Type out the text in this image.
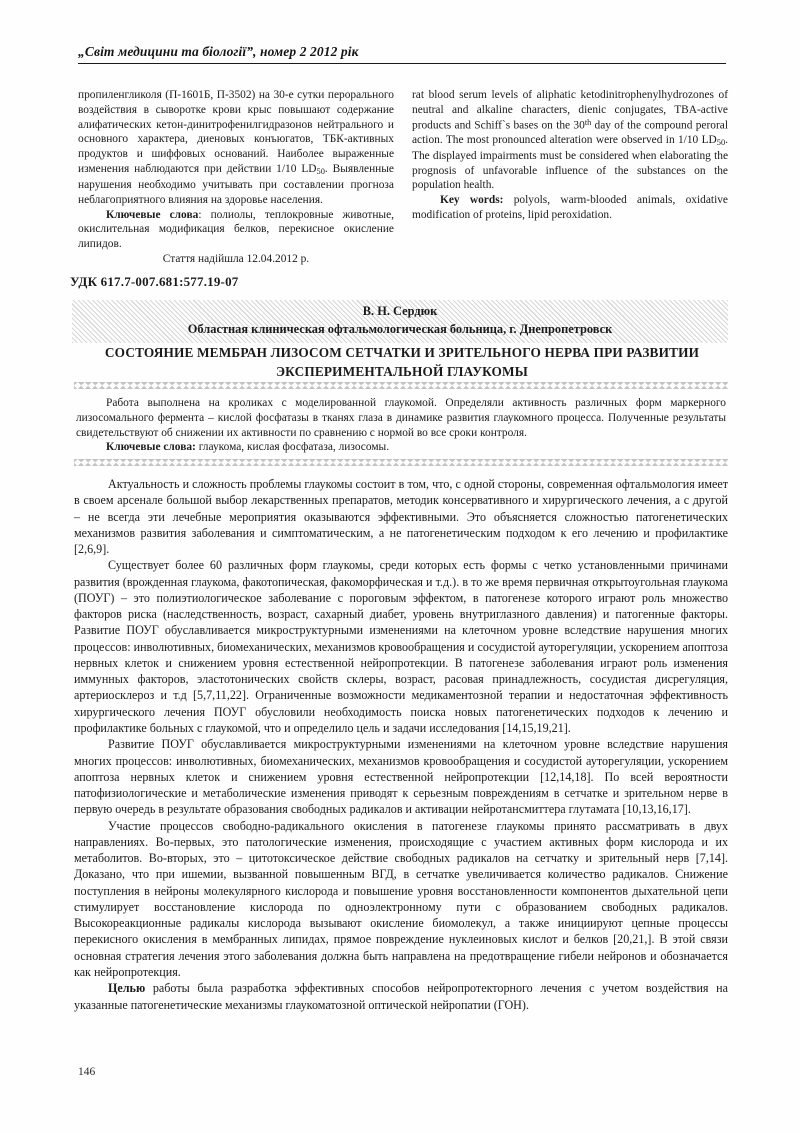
„Світ медицини та біології”, номер 2 2012 рік

пропиленгликоля (П-1601Б, П-3502) на 30-е сутки перорального воздействия в сыворотке крови крыс повышают содержание алифатических кетон-динитрофенилгидразонов нейтрального и основного характера, диеновых конъюгатов, ТБК-активных продуктов и шиффовых оснований. Наиболее выраженные изменения наблюдаются при действии 1/10 $LD_{50}$. Выявленные нарушения необходимо учитывать при составлении прогноза неблагоприятного влияния на здоровье населения.

Ключевые слова: полиолы, теплокровные животные, окислительная модификация белков, перекисное окисление липидов.

Стаття надійшла 12.04.2012 р.

rat blood serum levels of aliphatic ketodinitrophenylhydrozones of neutral and alkaline characters, dienic conjugates, TBA-active products and Schiff`s bases on the 30th day of the compound peroral action. The most pronounced alteration were observed in 1/10 $LD_{50}$. The displayed impairments must be considered when elaborating the prognosis of unfavorable influence of the substances on the population health.

Key words: polyols, warm-blooded animals, oxidative modification of proteins, lipid peroxidation.

УДК 617.7-007.681:577.19-07
В. Н. Сердюк
Областная клиническая офтальмологическая больница, г. Днепропетровск
СОСТОЯНИЕ МЕМБРАН ЛИЗОСОМ СЕТЧАТКИ И ЗРИТЕЛЬНОГО НЕРВА ПРИ РАЗВИТИИ
ЭКСПЕРИМЕНТАЛЬНОЙ ГЛАУКОМЫ

Работа выполнена на кроликах с моделированной глаукомой. Определяли активность различных форм маркерного лизосомального фермента – кислой фосфатазы в тканях глаза в динамике развития глаукомного процесса. Полученные результаты свидетельствуют об снижении их активности по сравнению с нормой во все сроки контроля.

Ключевые слова: глаукома, кислая фосфатаза, лизосомы.

Актуальность и сложность проблемы глаукомы состоит в том, что, с одной стороны, современная офтальмология имеет в своем арсенале большой выбор лекарственных препаратов, методик консервативного и хирургического лечения, а с другой – не всегда эти лечебные мероприятия оказываются эффективными. Это объясняется сложностью патогенетических механизмов развития заболевания и симптоматическим, а не патогенетическим подходом к его лечению и профилактике [2,6,9].

Существует более 60 различных форм глаукомы, среди которых есть формы с четко установленными причинами развития (врожденная глаукома, факотопическая, факоморфическая и т.д.). в то же время первичная открытоугольная глаукома (ПОУГ) – это полиэтиологическое заболевание с пороговым эффектом, в патогенезе которого играют роль множество факторов риска (наследственность, возраст, сахарный диабет, уровень внутриглазного давления) и патогенные факторы. Развитие ПОУГ обуславливается микроструктурными изменениями на клеточном уровне вследствие нарушения многих процессов: инволютивных, биомеханических, механизмов кровообращения и сосудистой ауторегуляции, ускорением апоптоза нервных клеток и снижением уровня естественной нейропротекции. В патогенезе заболевания играют роль изменения иммунных факторов, эластотонических свойств склеры, возраст, расовая принадлежность, сосудистая дисрегуляция, артериосклероз и т.д [5,7,11,22]. Ограниченные возможности медикаментозной терапии и недостаточная эффективность хирургического лечения ПОУГ обусловили необходимость поиска новых патогенетических подходов к лечению и профилактике больных с глаукомой, что и определило цель и задачи исследования [14,15,19,21].

Развитие ПОУГ обуславливается микроструктурными изменениями на клеточном уровне вследствие нарушения многих процессов: инволютивных, биомеханических, механизмов кровообращения и сосудистой ауторегуляции, ускорением апоптоза нервных клеток и снижением уровня естественной нейропротекции [12,14,18]. По всей вероятности патофизиологические и метаболические изменения приводят к серьезным повреждениям в сетчатке и зрительном нерве в первую очередь в результате образования свободных радикалов и активации нейротансмиттера глутамата [10,13,16,17].

Участие процессов свободно-радикального окисления в патогенезе глаукомы принято рассматривать в двух направлениях. Во-первых, это патологические изменения, происходящие с участием активных форм кислорода и их метаболитов. Во-вторых, это – цитотоксическое действие свободных радикалов на сетчатку и зрительный нерв [7,14]. Доказано, что при ишемии, вызванной повышенным ВГД, в сетчатке увеличивается количество радикалов. Снижение поступления в нейроны молекулярного кислорода и повышение уровня восстановленности компонентов дыхательной цепи стимулирует восстановление кислорода по одноэлектронному пути с образованием свободных радикалов. Высокореакционные радикалы кислорода вызывают окисление биомолекул, а также инициируют цепные процессы перекисного окисления в мембранных липидах, прямое повреждение нуклеиновых кислот и белков [20,21,]. В этой связи основная стратегия лечения этого заболевания должна быть направлена на предотвращение гибели нейронов и обозначается как нейропротекция.

Целью работы была разработка эффективных способов нейропротекторного лечения с учетом воздействия на указанные патогенетические механизмы глаукоматозной оптической нейропатии (ГОН).

146
